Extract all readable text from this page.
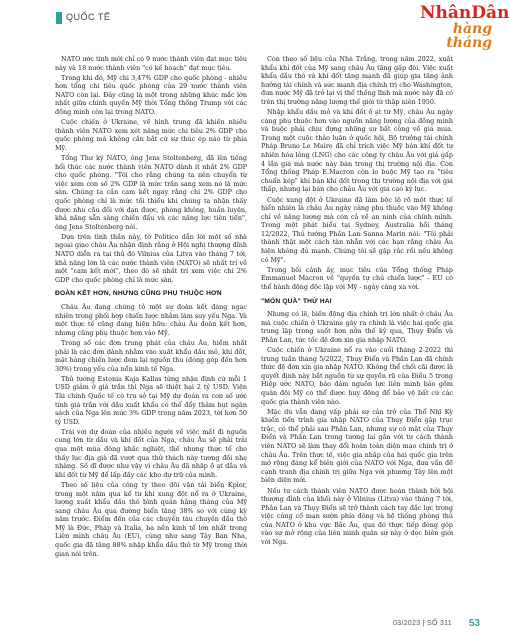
QUỐC TẾ	NhânDân
hàng tháng

NATO ước tính mới chỉ có 9 nước thành viên đạt mục tiêu này và 18 nước thành viên "có kế hoạch" đạt mục tiêu.

Trong khi đó, Mỹ chi 3,47% GDP cho quốc phòng - nhiều hơn tổng chi tiêu quốc phòng của 29 nước thành viên NATO còn lại. Đây cũng là một trong những khúc mắc lớn nhất giữa chính quyền Mỹ thời Tổng thống Trump với các đồng minh còn lại trong NATO.

Cuộc chiến ở Ukraine, về hình trung đã khiến nhiều thành viên NATO xem xét nâng mức chi tiêu 2% GDP cho quốc phòng mà không cần bắt cứ sự thúc ép nào từ phía Mỹ.

Tổng Thư ký NATO, ông Jens Stoltenberg, đã lên tiếng hối thúc các nước thành viên NATO dành ít nhất 2% GDP cho quốc phòng. "Tôi cho rằng chúng ta nên chuyển từ việc xem con số 2% GDP là mức trần sang xem nó là mức sàn. Chúng ta cần cam kết ngay rằng chi 2% GDP cho quốc phòng chỉ là mức tối thiểu khi chúng ta nhận thấy được nhu cầu đối với dạn được, phòng không, huấn luyện, khả năng sẵn sàng chiến đấu và các năng lực tiên tiến", ông Jens Stoltenberg nói.

Dựa trên tình thần này, tờ Politico dẫn lời một số nhà ngoại giao châu Âu nhận định rằng ở Hội nghị thượng đỉnh NATO diễn ra tại thủ đô Vilnius của Litva vào tháng 7 tới, khả năng lớn là các nước thành viên (NATO) sẽ nhất trí về một "cam kết mới", theo đó sẽ nhất trí xem việc chi 2% GDP cho quốc phòng chỉ là mức sàn.

ĐOÀN KẾT HƠN, NHƯNG CŨNG PHỤ THUỘC HƠN

Châu Âu đang chứng tỏ một sự đoàn kết đáng ngạc nhiên trong phối hợp chiến lược nhằm làm suy yếu Nga. Và một thực tế cũng đang hiện hữu: châu Âu đoàn kết hơn, nhưng cũng phụ thuộc hơn vào Mỹ.

Trong số các đơn trung phát của châu Âu, hiềm nhất phải là các đơn dành nhằm vào xuất khẩu dầu mỏ, khí đốt, mặt hàng chiến lược đem lại nguồn thu (đóng góp đến hơn 30%) trong yếu của nền kinh tế Nga.

Thủ tướng Estonia Kaja Kallas từng nhận định cứ mỗi 1 USD giảm ở giá trần thì Nga sẽ thiệt hại 2 tỷ USD. Viện Tài chính Quốc tế có trụ sở tại Mỹ dự đoán ra con số ước tính giá trần với dầu xuất khẩu có thể đẩy thâm hụt ngân sách của Nga lên mức 3% GDP trong năm 2023, tới hơn 50 tỷ USD.

Trái với dự đoán của nhiều người về việc mất đi nguồn cung lớn từ dầu và khí đốt của Nga, châu Âu sẽ phải trải qua một mùa đông khắc nghiệt, thế nhưng thực tế cho thấy lục địa già đã vượt qua thử thách này tương đối nhẹ nhàng. Số dĩ được như vậy vì châu Âu đã nhập ồ ạt dầu và khí đốt từ Mỹ để lấp đầy các kho dự trữ của mình.

Theo số liệu của công ty theo dõi vận tải biển Kpler, trong một năm qua kể từ khi xung đột nổ ra ở Ukraine, lượng xuất khẩu dầu thô bình quân hằng tháng của Mỹ sang châu Âu qua đường biển tăng 38% so với cùng kỳ năm trước. Điểm đến của các chuyến tàu chuyên dầu thô Mỹ là Đức, Pháp và Italia, ba nền kinh tế lớn nhất trong Liên minh châu Âu (EU), cùng như sang Tây Ban Nha, quốc gia đã tăng 88% nhập khẩu dầu thô từ Mỹ trong thời gian nói trên.

Còn theo số liệu của Nhà Trắng, trong năm 2022, xuất khẩu khí đốt của Mỹ sang châu Âu tăng gấp đôi. Việc xuất khẩu dầu thô và khí đốt tăng mạnh đã giúp gia tăng ảnh hưởng tài chính và sức mạnh địa chính trị cho Washington, đưa nước Mỹ đã trở lại vị thế thống lĩnh mà nước này đã có trên thị trường năng lượng thế giới từ thập niên 1950.

Nhập khẩu dầu mỏ và khí đốt ồ ạt từ Mỹ, châu Âu ngày càng phụ thuộc hơn vào nguồn năng lượng của đồng minh và buộc phải chịu đựng những sự bất công về giá mua. Trong một cuộc thảo luận ở quốc hội, Bộ trưởng tài chính Pháp Bruno Le Maire đã chỉ trích việc Mỹ bán khí đốt tự nhiên hóa lỏng (LNG) cho các công ty châu Âu với giá gấp 4 lần giá mà nước này bán trong thị trường nội địa. Còn Tổng thống Pháp E.Macron còn lo buộc Mỹ tạo ra "tiêu chuẩn kép" khi bán khí đốt trong thị trường nội địa với giá thấp, nhưng lại bán cho châu Âu với giá cao kỷ lục.

Cuộc xung đột ở Ukraine đã làm bộc lộ rõ một thực tế hiển nhiên là châu Âu ngày càng phụ thuộc vào Mỹ không chỉ về năng lượng mà còn cả về an ninh của chính mình. Trong một phát biểu tại Sydney, Australia hồi tháng 12/2022, Thủ tướng Phần Lan Sanna Marin nói: "Tôi phải thành thật một cách tàn nhẫn với các bạn rằng châu Âu hiện không đủ mạnh. Chúng tôi sẽ gặp rắc rối nếu không có Mỹ".

Trong bối cảnh ấy, mục tiêu của Tổng thống Pháp Emmanuel Macron về "quyền tự chủ chiến lược" - EU có thể hành động độc lập với Mỹ - ngày càng xa vời.

"MÓN QUÀ" THỨ HAI

Nhưng có lẽ, biến động địa chính trị lớn nhất ở châu Âu mà cuộc chiến ở Ukraine gây ra chính là việc hai quốc gia trung lập trong suốt hơn nửa thế kỷ qua, Thụy Điển và Phần Lan, tức tốc đệ đơn xin gia nhập NATO.

Cuộc chiến ở Ukraine nổ ra vào cuối tháng 2-2022 thì trung tuần tháng 5/2022, Thụy Điển và Phần Lan đã chính thức đệ đơn xin gia nhập NATO. Không thể chối cãi được là quyết định này bắt nguồn từ sự quyền rũ của Điều 5 trong Hiệp ước NATO, bảo đảm nguồn lực liên minh bảo gồm quân đội Mỹ có thể được huy động để bảo vệ bất cứ các quốc gia thành viên nào.

Mặc dù vẫn đang vấp phải sự cản trở của Thổ Nhĩ Kỳ khiến tiến trình gia nhập NATO của Thụy Điển gặp trục trặc, có thể phải sau Phần Lan, nhưng sự có mặt của Thụy Điển và Phần Lan trong tương lai gần với tư cách thành viên NATO sẽ làm thay đổi hoàn toàn diện mạo chính trị ở châu Âu. Trên thực tế, việc gia nhập của hai quốc gia trên mở rộng đáng kể biên giới của NATO với Nga, đưa vấn đề cạnh tranh địa chính trị giữa Nga với phương Tây lên một biên diện mới.

Nếu tư cách thành viên NATO được hoàn thành bởi hội thượng đỉnh của khối này ở Vilnius (Litva) vào tháng 7 tới, Phần Lan và Thụy Điển sẽ trở thành cách tay đắc lực trong việc củng cố mạn sườn phía đông và hệ thống phòng thủ của NATO ở khu vực Bắc Âu, qua đó thực tiếp đóng góp vào sự mở rộng của liên minh quân sự này ở dọc biên giới với Nga.

03/2023 | SỐ 311 53
